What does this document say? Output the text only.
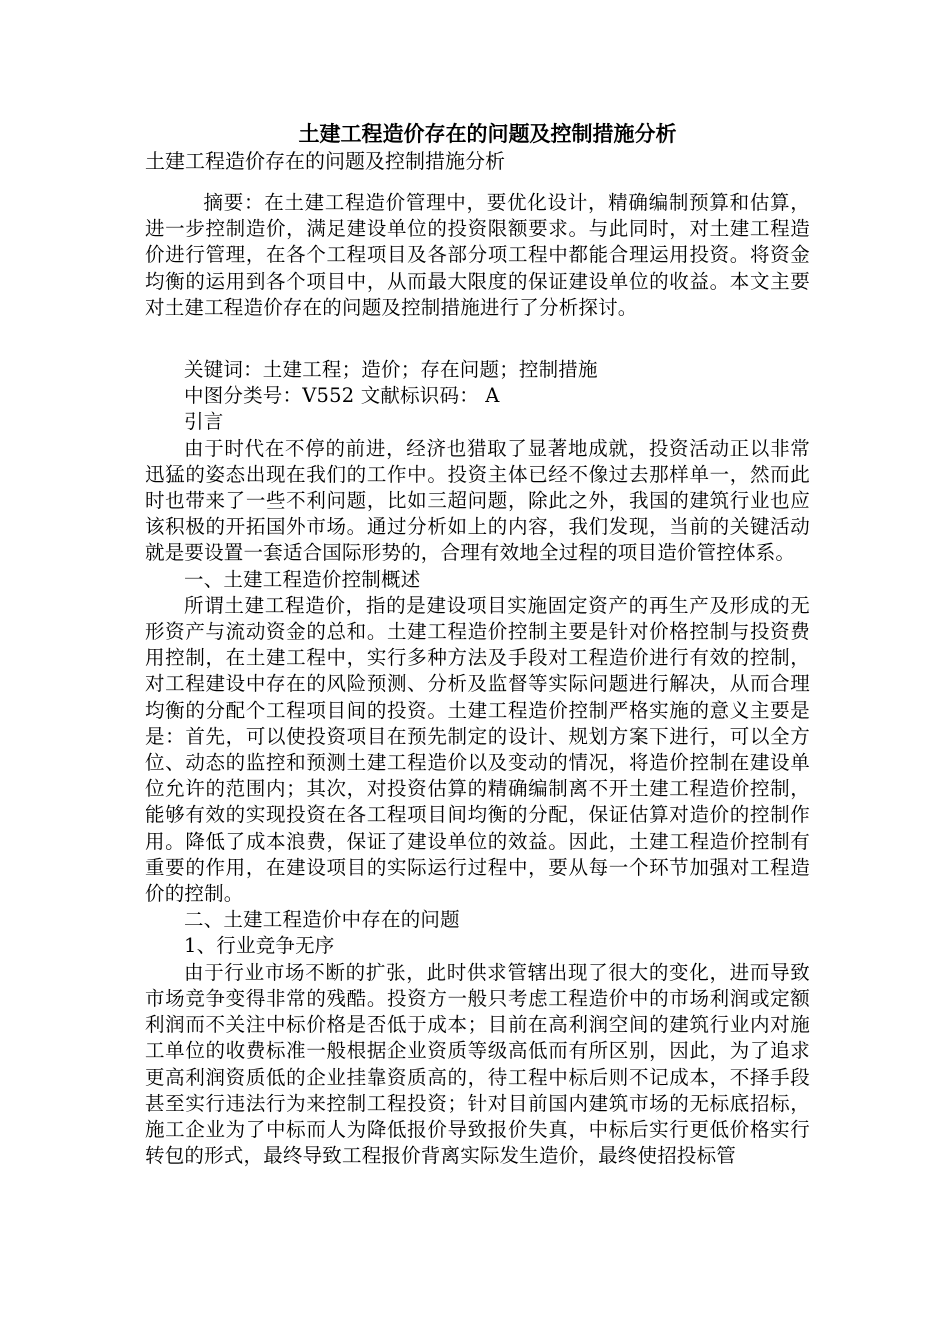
土建工程造价存在的问题及控制措施分析
土建工程造价存在的问题及控制措施分析

摘要：在土建工程造价管理中，要优化设计，精确编制预算和估算，进一步控制造价，满足建设单位的投资限额要求。与此同时，对土建工程造价进行管理，在各个工程项目及各部分项工程中都能合理运用投资。将资金均衡的运用到各个项目中，从而最大限度的保证建设单位的收益。本文主要对土建工程造价存在的问题及控制措施进行了分析探讨。

关键词：土建工程；造价；存在问题；控制措施

中图分类号：V552 文献标识码： A

引言

由于时代在不停的前进，经济也猎取了显著地成就，投资活动正以非常迅猛的姿态出现在我们的工作中。投资主体已经不像过去那样单一，然而此时也带来了一些不利问题，比如三超问题，除此之外，我国的建筑行业也应该积极的开拓国外市场。通过分析如上的内容，我们发现，当前的关键活动就是要设置一套适合国际形势的，合理有效地全过程的项目造价管控体系。

一、土建工程造价控制概述

所谓土建工程造价，指的是建设项目实施固定资产的再生产及形成的无形资产与流动资金的总和。土建工程造价控制主要是针对价格控制与投资费用控制，在土建工程中，实行多种方法及手段对工程造价进行有效的控制，对工程建设中存在的风险预测、分析及监督等实际问题进行解决，从而合理均衡的分配个工程项目间的投资。土建工程造价控制严格实施的意义主要是是：首先，可以使投资项目在预先制定的设计、规划方案下进行，可以全方位、动态的监控和预测土建工程造价以及变动的情况，将造价控制在建设单位允许的范围内；其次，对投资估算的精确编制离不开土建工程造价控制，能够有效的实现投资在各工程项目间均衡的分配，保证估算对造价的控制作用。降低了成本浪费，保证了建设单位的效益。因此，土建工程造价控制有重要的作用，在建设项目的实际运行过程中，要从每一个环节加强对工程造价的控制。

二、土建工程造价中存在的问题

1、行业竞争无序

由于行业市场不断的扩张，此时供求管辖出现了很大的变化，进而导致市场竞争变得非常的残酷。投资方一般只考虑工程造价中的市场利润或定额利润而不关注中标价格是否低于成本；目前在高利润空间的建筑行业内对施工单位的收费标准一般根据企业资质等级高低而有所区别，因此，为了追求更高利润资质低的企业挂靠资质高的，待工程中标后则不记成本，不择手段甚至实行违法行为来控制工程投资；针对目前国内建筑市场的无标底招标，施工企业为了中标而人为降低报价导致报价失真，中标后实行更低价格实行转包的形式，最终导致工程报价背离实际发生造价，最终使招投标管
